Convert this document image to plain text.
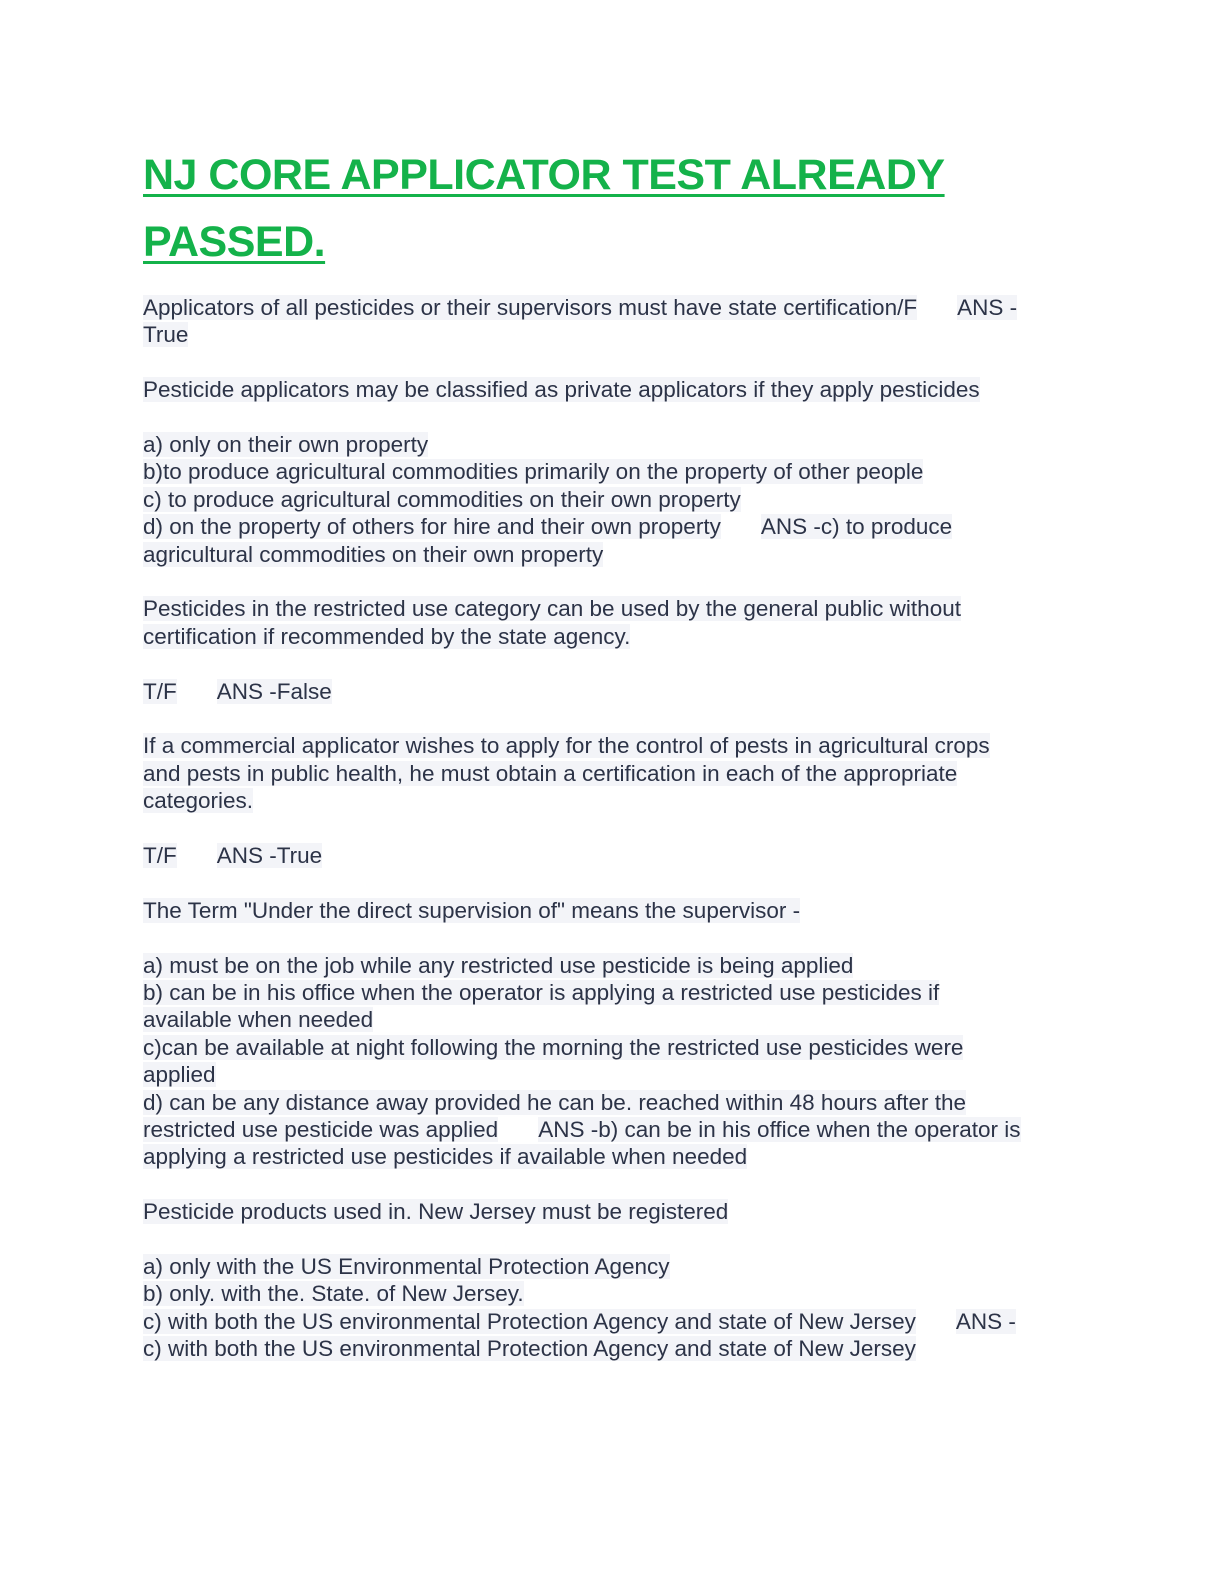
NJ CORE APPLICATOR TEST ALREADY
PASSED.
Applicators of all pesticides or their supervisors must have state certification/F ANS -
True
Pesticide applicators may be classified as private applicators if they apply pesticides
a) only on their own property
b)to produce agricultural commodities primarily on the property of other people
c) to produce agricultural commodities on their own property
d) on the property of others for hire and their own property ANS -c) to produce
agricultural commodities on their own property
Pesticides in the restricted use category can be used by the general public without
certification if recommended by the state agency.
T/F ANS -False
If a commercial applicator wishes to apply for the control of pests in agricultural crops
and pests in public health, he must obtain a certification in each of the appropriate
categories.
T/F ANS -True
The Term "Under the direct supervision of" means the supervisor -
a) must be on the job while any restricted use pesticide is being applied
b) can be in his office when the operator is applying a restricted use pesticides if
available when needed
c)can be available at night following the morning the restricted use pesticides were
applied
d) can be any distance away provided he can be. reached within 48 hours after the
restricted use pesticide was applied ANS -b) can be in his office when the operator is
applying a restricted use pesticides if available when needed
Pesticide products used in. New Jersey must be registered
a) only with the US Environmental Protection Agency
b) only. with the. State. of New Jersey.
c) with both the US environmental Protection Agency and state of New Jersey ANS -
c) with both the US environmental Protection Agency and state of New Jersey
